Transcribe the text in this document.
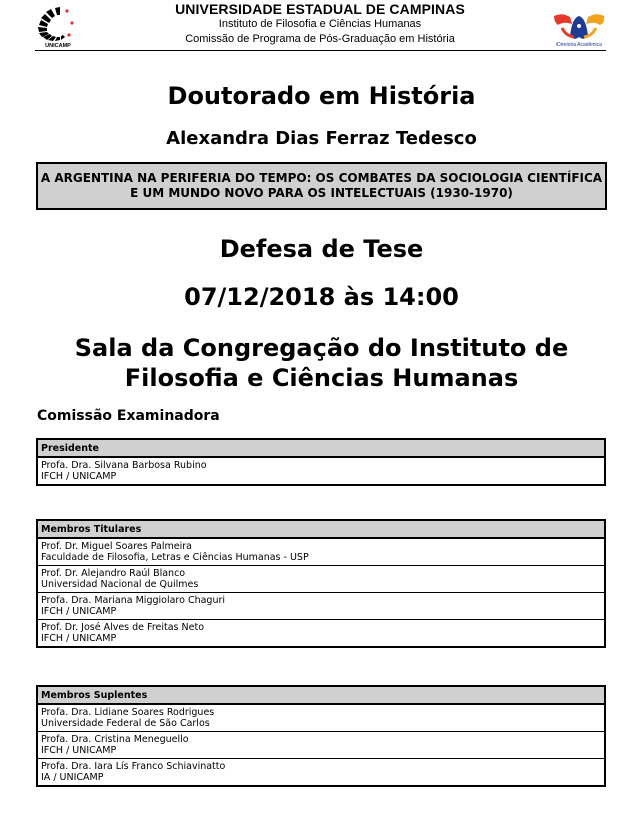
UNICAMP
UNIVERSIDADE ESTADUAL DE CAMPINAS
Instituto de Filosofia e Ciências Humanas
Comissão de Programa de Pós-Graduação em História	iDiretoria Acadêmica
Doutorado em História
Alexandra Dias Ferraz Tedesco
A ARGENTINA NA PERIFERIA DO TEMPO: OS COMBATES DA SOCIOLOGIA CIENTÍFICA
E UM MUNDO NOVO PARA OS INTELECTUAIS (1930-1970)
Defesa de Tese
07/12/2018 às 14:00
Sala da Congregação do Instituto de
Filosofia e Ciências Humanas
Comissão Examinadora
Presidente

Profa. Dra. Silvana Barbosa Rubino
IFCH / UNICAMP
Membros Titulares

Prof. Dr. Miguel Soares Palmeira
Faculdade de Filosofia, Letras e Ciências Humanas - USP

Prof. Dr. Alejandro Raúl Blanco
Universidad Nacional de Quilmes

Profa. Dra. Mariana Miggiolaro Chaguri
IFCH / UNICAMP

Prof. Dr. José Alves de Freitas Neto
IFCH / UNICAMP
Membros Suplentes

Profa. Dra. Lidiane Soares Rodrigues
Universidade Federal de São Carlos

Profa. Dra. Cristina Meneguello
IFCH / UNICAMP

Profa. Dra. Iara Lís Franco Schiavinatto
IA / UNICAMP
